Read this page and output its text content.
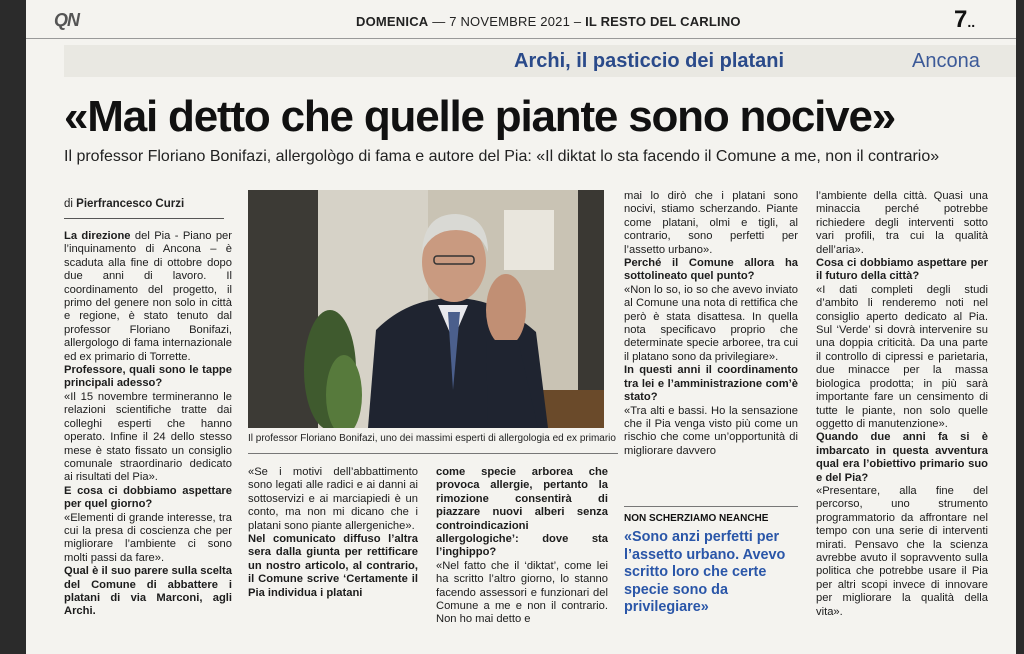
QN	DOMENICA — 7 NOVEMBRE 2021 – IL RESTO DEL CARLINO	7..
Archi, il pasticcio dei platani	Ancona
«Mai detto che quelle piante sono nocive»
Il professor Floriano Bonifazi, allergològo di fama e autore del Pia: «Il diktat lo sta facendo il Comune a me, non il contrario»
di Pierfrancesco Curzi

La direzione del Pia - Piano per l’inquinamento di Ancona – è scaduta alla fine di ottobre dopo due anni di lavoro. Il coordinamento del progetto, il primo del genere non solo in città e regione, è stato tenuto dal professor Floriano Bonifazi, allergologo di fama internazionale ed ex primario di Torrette.

Professore, quali sono le tappe principali adesso?

«Il 15 novembre termineranno le relazioni scientifiche tratte dai colleghi esperti che hanno operato. Infine il 24 dello stesso mese è stato fissato un consiglio comunale straordinario dedicato ai risultati del Pia».

E cosa ci dobbiamo aspettare per quel giorno?

«Elementi di grande interesse, tra cui la presa di coscienza che per migliorare l’ambiente ci sono molti passi da fare».

Qual è il suo parere sulla scelta del Comune di abbattere i platani di via Marconi, agli Archi.

Il professor Floriano Bonifazi, uno dei massimi esperti di allergologia ed ex primario

«Se i motivi dell’abbattimento sono legati alle radici e ai danni ai sottoservizi e ai marciapiedi è un conto, ma non mi dicano che i platani sono piante allergeniche».

Nel comunicato diffuso l’altra sera dalla giunta per rettificare un nostro articolo, al contrario, il Comune scrive ‘Certamente il Pia individua i platani

come specie arborea che provoca allergie, pertanto la rimozione consentirà di piazzare nuovi alberi senza controindicazioni allergologiche’: dove sta l’inghippo?

«Nel fatto che il ‘diktat’, come lei ha scritto l’altro giorno, lo stanno facendo assessori e funzionari del Comune a me e non il contrario. Non ho mai detto e

mai lo dirò che i platani sono nocivi, stiamo scherzando. Piante come platani, olmi e tigli, al contrario, sono perfetti per l’assetto urbano».

Perché il Comune allora ha sottolineato quel punto?

«Non lo so, io so che avevo inviato al Comune una nota di rettifica che però è stata disattesa. In quella nota specificavo proprio che determinate specie arboree, tra cui il platano sono da privilegiare».

In questi anni il coordinamento tra lei e l’amministrazione com’è stato?

«Tra alti e bassi. Ho la sensazione che il Pia venga visto più come un rischio che come un’opportunità di migliorare davvero

NON SCHERZIAMO NEANCHE
«Sono anzi perfetti per l’assetto urbano. Avevo scritto loro che certe specie sono da privilegiare»

l’ambiente della città. Quasi una minaccia perché potrebbe richiedere degli interventi sotto vari profili, tra cui la qualità dell’aria».

Cosa ci dobbiamo aspettare per il futuro della città?

«I dati completi degli studi d’ambito li renderemo noti nel consiglio aperto dedicato al Pia. Sul ‘Verde’ si dovrà intervenire su una doppia criticità. Da una parte il controllo di cipressi e parietaria, due minacce per la massa biologica prodotta; in più sarà importante fare un censimento di tutte le piante, non solo quelle oggetto di manutenzione».

Quando due anni fa si è imbarcato in questa avventura qual era l’obiettivo primario suo e del Pia?

«Presentare, alla fine del percorso, uno strumento programmatorio da affrontare nel tempo con una serie di interventi mirati. Pensavo che la scienza avrebbe avuto il sopravvento sulla politica che potrebbe usare il Pia per altri scopi invece di innovare per migliorare la qualità della vita».
